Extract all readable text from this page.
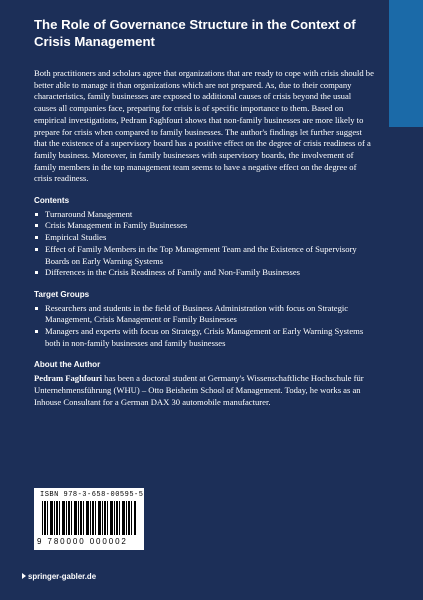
The Role of Governance Structure in the Context of Crisis Management

Both practitioners and scholars agree that organizations that are ready to cope with crisis should be better able to manage it than organizations which are not prepared. As, due to their company characteristics, family businesses are exposed to additional causes of crisis beyond the usual causes all companies face, preparing for crisis is of specific importance to them. Based on empirical investigations, Pedram Faghfouri shows that non-family businesses are more likely to prepare for crisis when compared to family businesses. The author's findings let further suggest that the existence of a supervisory board has a positive effect on the degree of crisis readiness of a family business. Moreover, in family businesses with supervisory boards, the involvement of family members in the top management team seems to have a negative effect on the degree of crisis readiness.

Contents
Turnaround Management
Crisis Management in Family Businesses
Empirical Studies
Effect of Family Members in the Top Management Team and the Existence of Supervisory Boards on Early Warning Systems
Differences in the Crisis Readiness of Family and Non-Family Businesses
Target Groups
Researchers and students in the field of Business Administration with focus on Strategic Management, Crisis Management or Family Businesses
Managers and experts with focus on Strategy, Crisis Management or Early Warning Systems both in non-family businesses and family businesses
About the Author

Pedram Faghfouri has been a doctoral student at Germany's Wissenschaftliche Hochschule für Unternehmensführung (WHU) – Otto Beisheim School of Management. Today, he works as an Inhouse Consultant for a German DAX 30 automobile manufacturer.

ISBN 978-3-658-00595-5
9 780000 000002
springer-gabler.de
